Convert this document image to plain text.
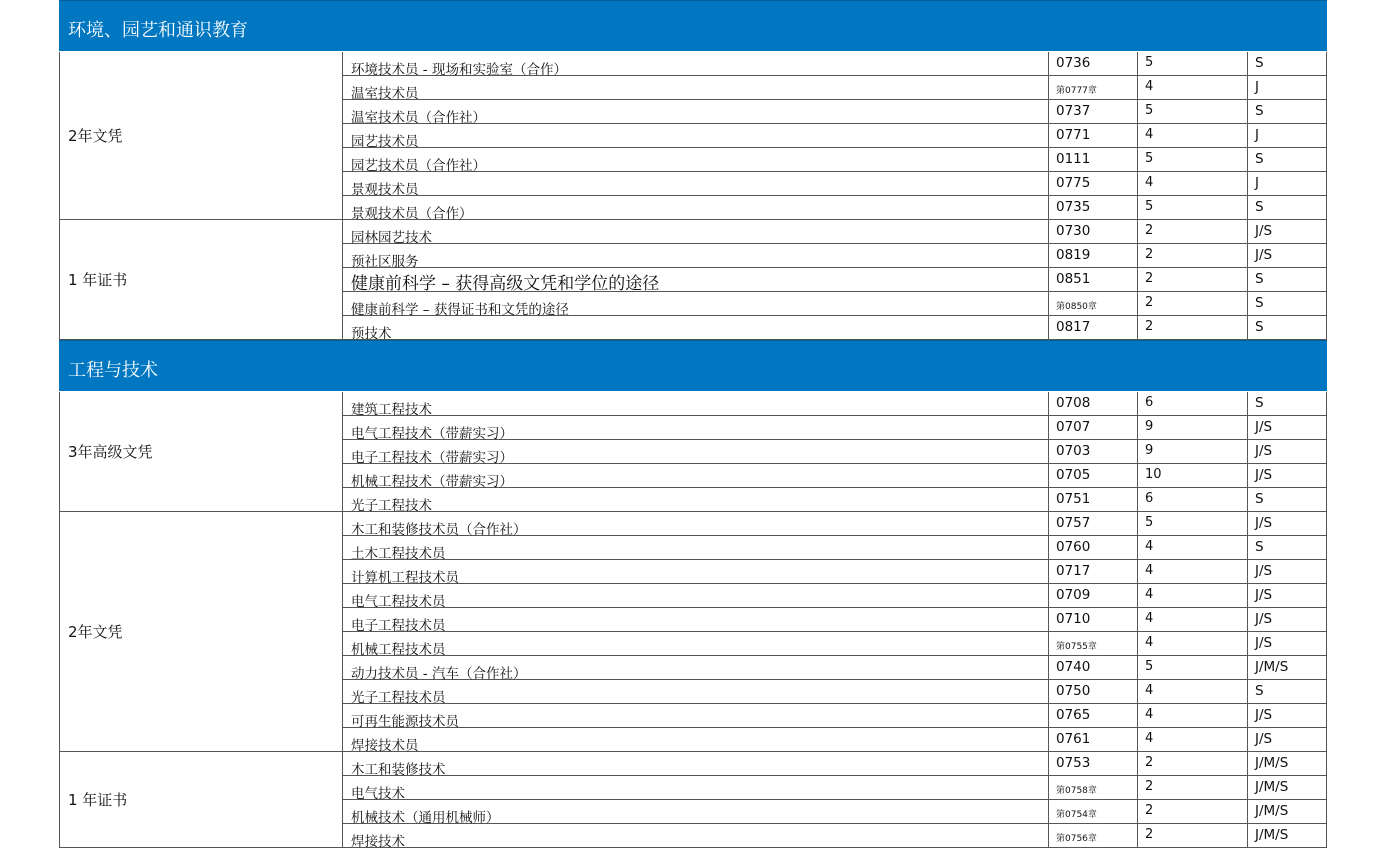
环境、园艺和通识教育
2年文凭
环境技术员 - 现场和实验室（合作）	0736	5	S
温室技术员	第0777章	4	J
温室技术员（合作社）	0737	5	S
园艺技术员	0771	4	J
园艺技术员（合作社）	0111	5	S
景观技术员	0775	4	J
景观技术员（合作）	0735	5	S
1 年证书
园林园艺技术	0730	2	J/S
预社区服务	0819	2	J/S
健康前科学 – 获得高级文凭和学位的途径	0851	2	S
健康前科学 – 获得证书和文凭的途径	第0850章	2	S
预技术	0817	2	S
工程与技术
3年高级文凭
建筑工程技术	0708	6	S
电气工程技术（带薪实习）	0707	9	J/S
电子工程技术（带薪实习）	0703	9	J/S
机械工程技术（带薪实习）	0705	10	J/S
光子工程技术	0751	6	S
2年文凭
木工和装修技术员（合作社）	0757	5	J/S
土木工程技术员	0760	4	S
计算机工程技术员	0717	4	J/S
电气工程技术员	0709	4	J/S
电子工程技术员	0710	4	J/S
机械工程技术员	第0755章	4	J/S
动力技术员 - 汽车（合作社）	0740	5	J/M/S
光子工程技术员	0750	4	S
可再生能源技术员	0765	4	J/S
焊接技术员	0761	4	J/S
1 年证书
木工和装修技术	0753	2	J/M/S
电气技术	第0758章	2	J/M/S
机械技术（通用机械师）	第0754章	2	J/M/S
焊接技术	第0756章	2	J/M/S
